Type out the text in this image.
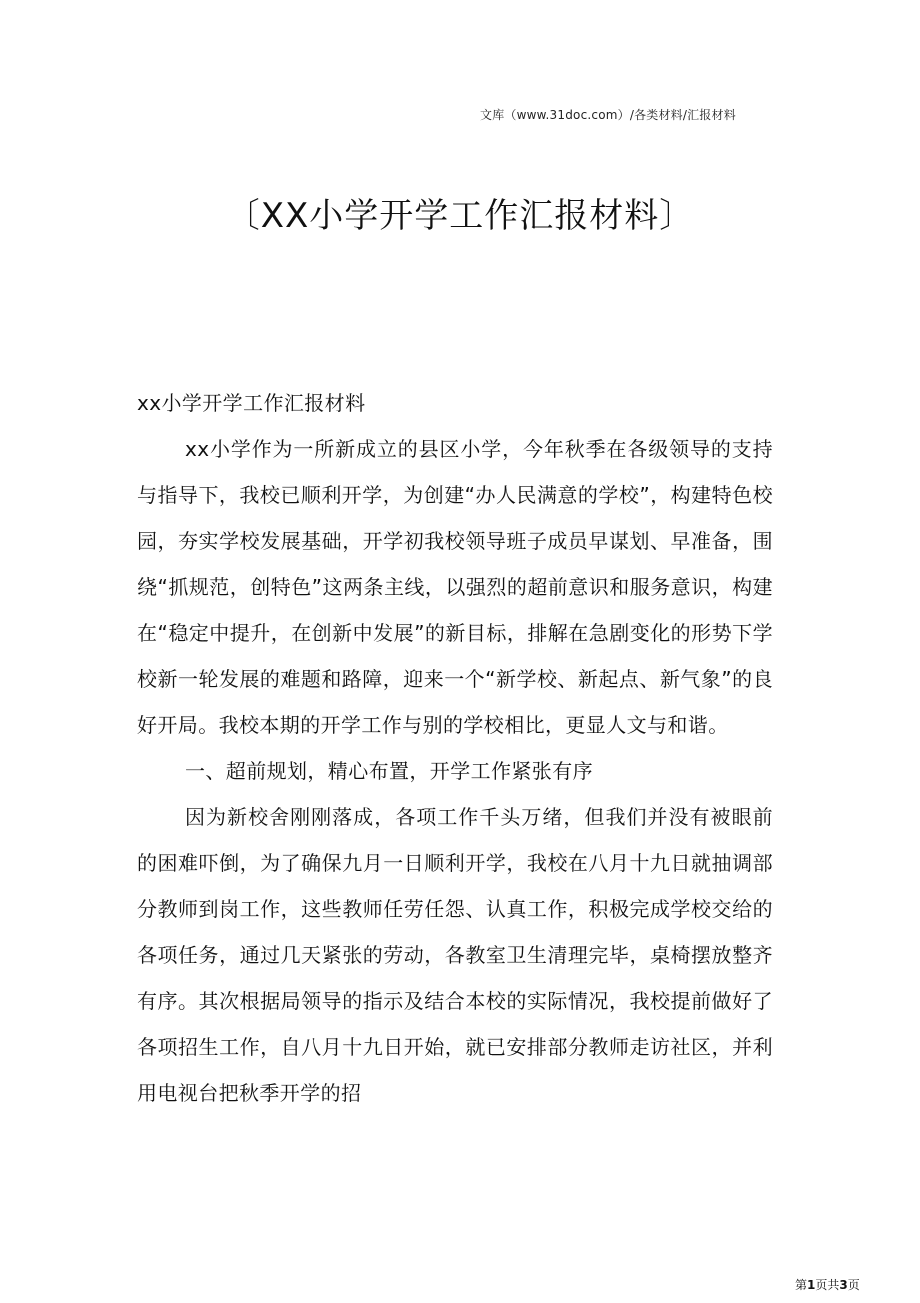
文库（www.31doc.com）/各类材料/汇报材料
〔XX小学开学工作汇报材料〕

xx小学开学工作汇报材料

xx小学作为一所新成立的县区小学，今年秋季在各级领导的支持与指导下，我校已顺利开学，为创建“办人民满意的学校”，构建特色校园，夯实学校发展基础，开学初我校领导班子成员早谋划、早准备，围绕“抓规范，创特色”这两条主线，以强烈的超前意识和服务意识，构建在“稳定中提升，在创新中发展”的新目标，排解在急剧变化的形势下学校新一轮发展的难题和路障，迎来一个“新学校、新起点、新气象”的良好开局。我校本期的开学工作与别的学校相比，更显人文与和谐。

一、超前规划，精心布置，开学工作紧张有序

因为新校舍刚刚落成，各项工作千头万绪，但我们并没有被眼前的困难吓倒，为了确保九月一日顺利开学，我校在八月十九日就抽调部分教师到岗工作，这些教师任劳任怨、认真工作，积极完成学校交给的各项任务，通过几天紧张的劳动，各教室卫生清理完毕，桌椅摆放整齐有序。其次根据局领导的指示及结合本校的实际情况，我校提前做好了各项招生工作，自八月十九日开始，就已安排部分教师走访社区，并利用电视台把秋季开学的招

第1页共3页
